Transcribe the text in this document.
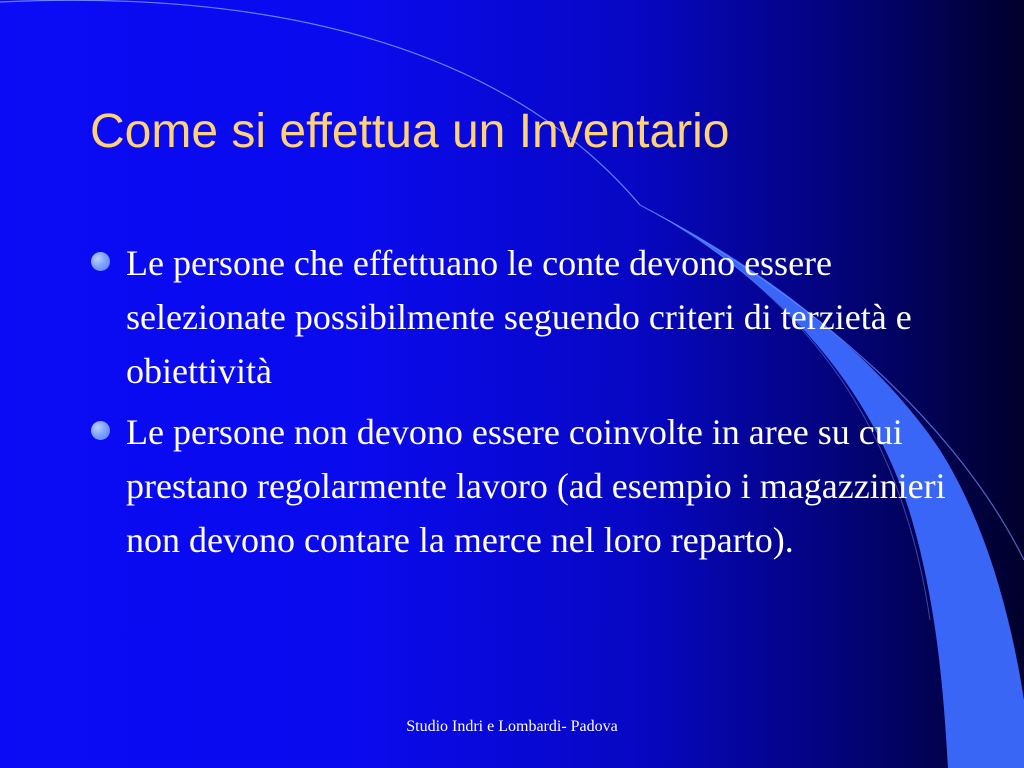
Come si effettua un Inventario
Le persone che effettuano le conte devono essere selezionate possibilmente seguendo criteri di terzietà e obiettività
Le persone non devono essere coinvolte in aree su cui prestano regolarmente lavoro (ad esempio i magazzinieri non devono contare la merce nel loro reparto).
Studio Indri e Lombardi- Padova
